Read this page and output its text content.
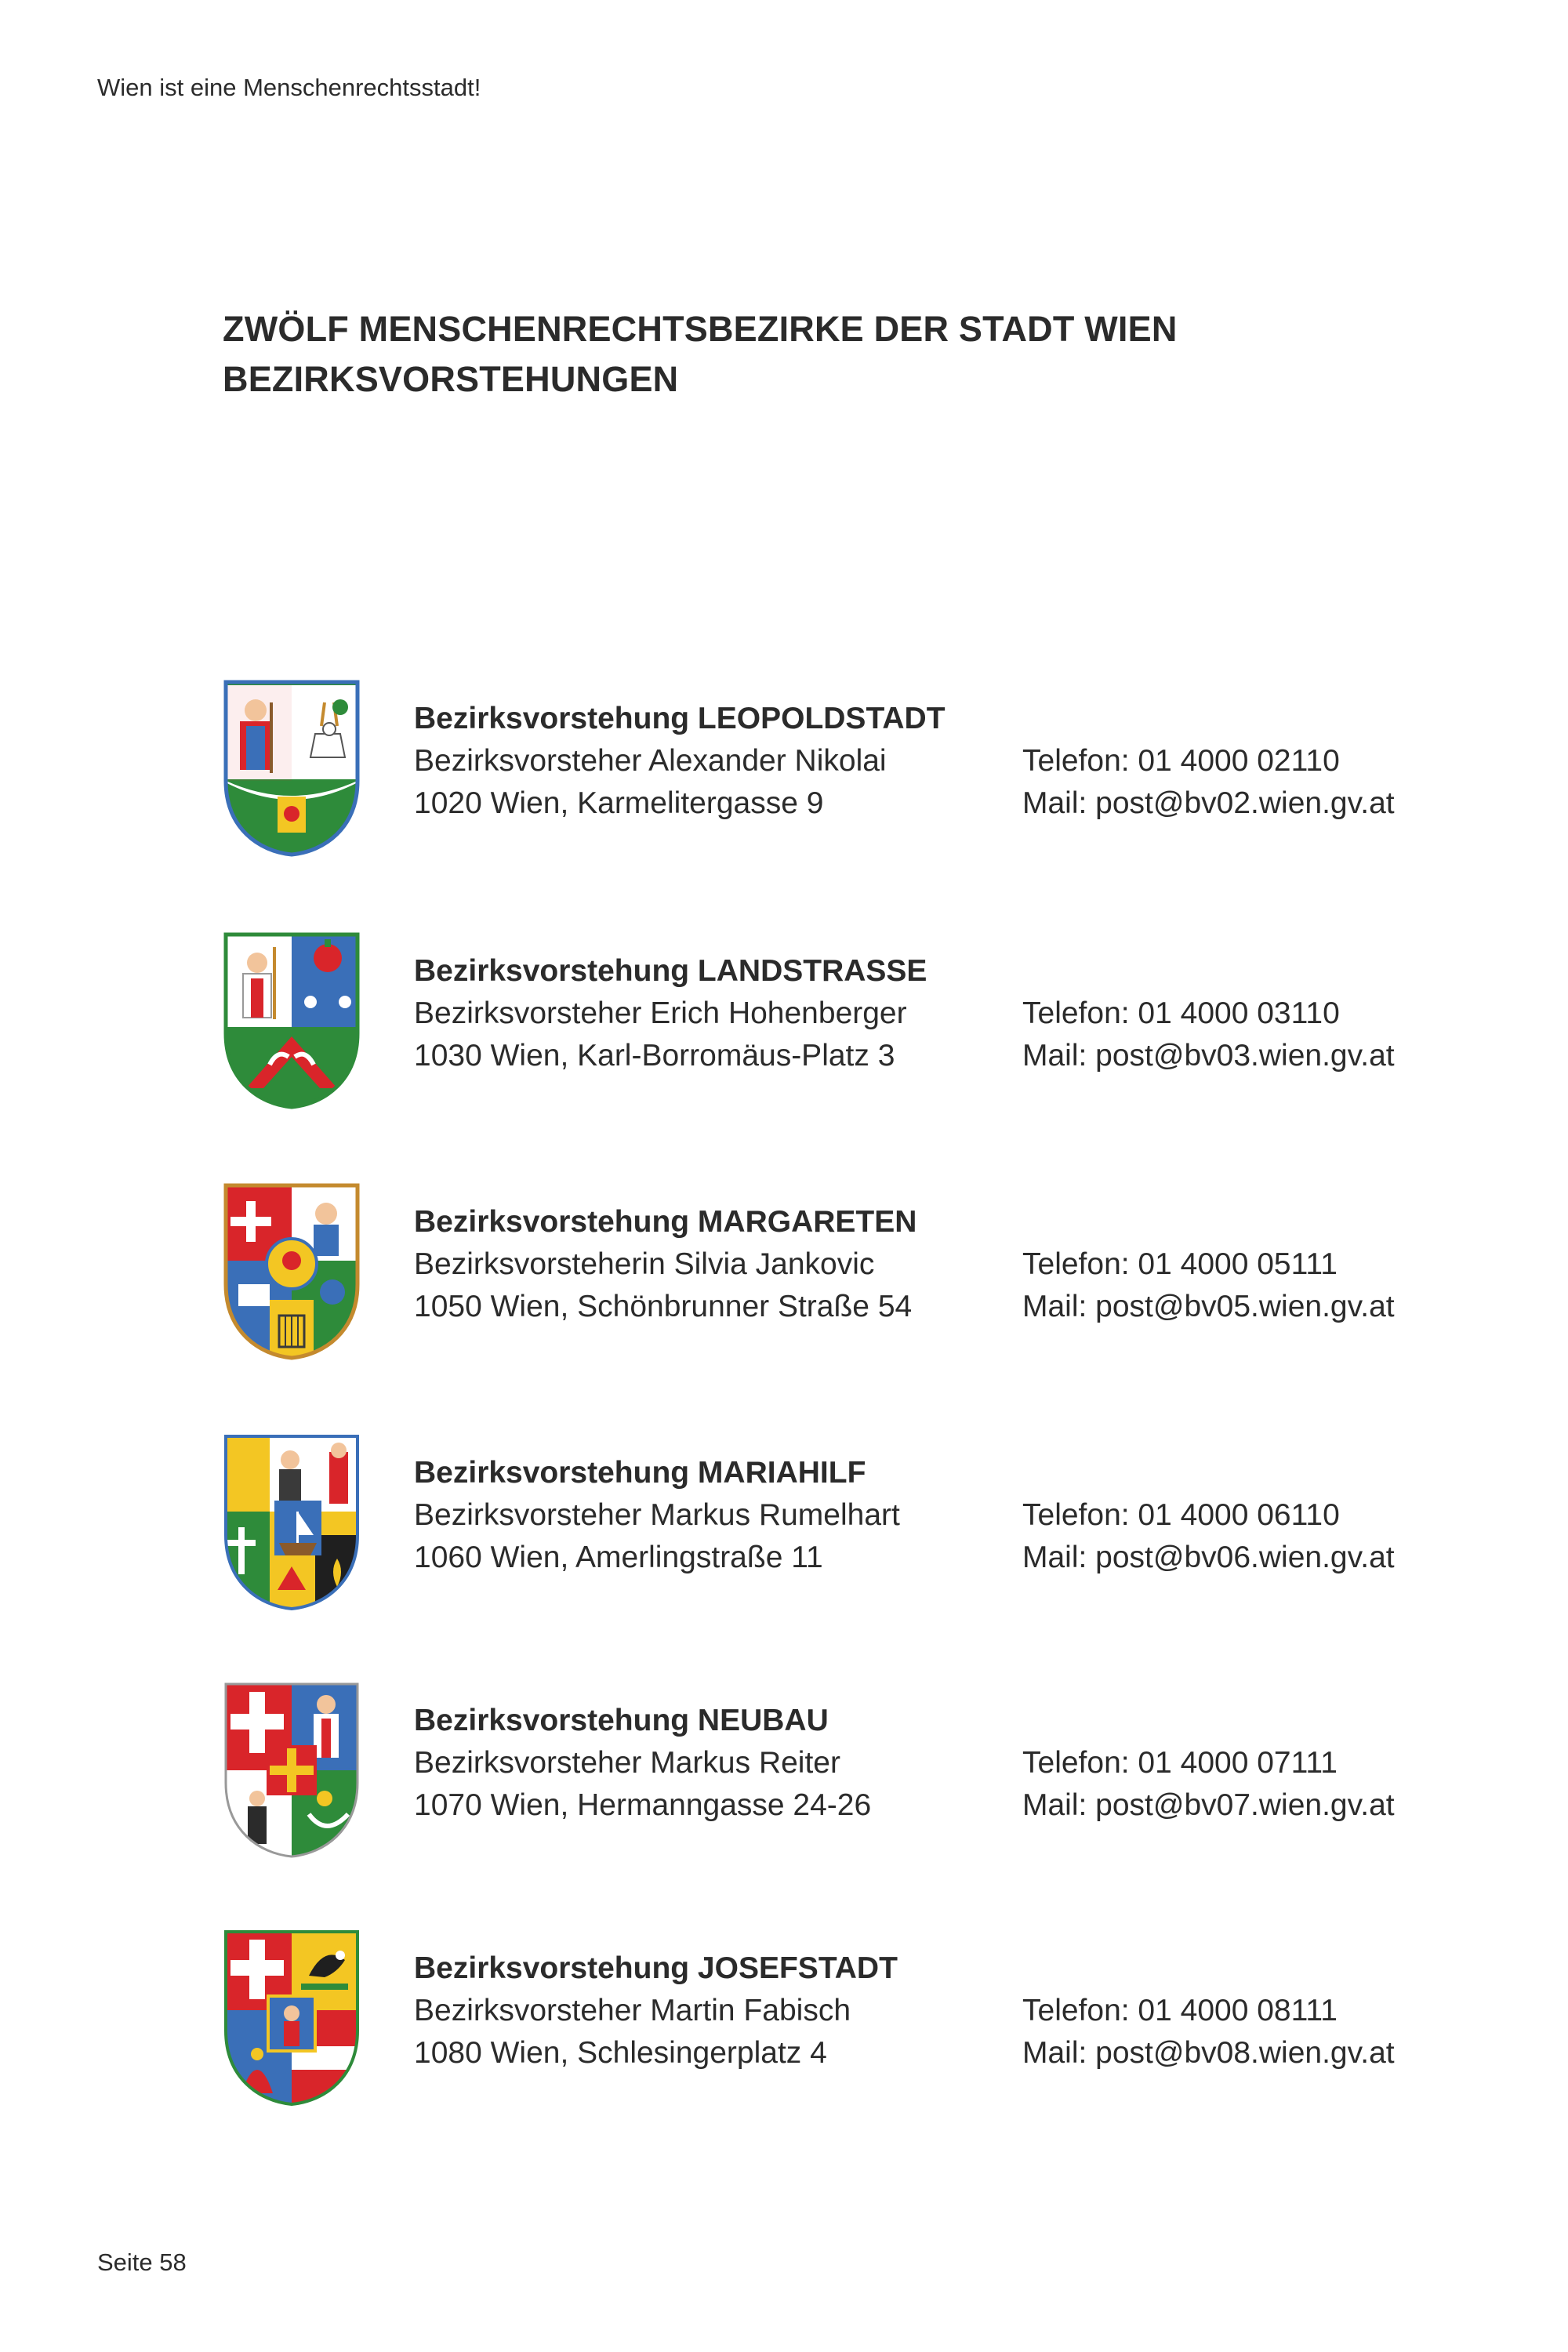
Wien ist eine Menschenrechtsstadt!
ZWÖLF MENSCHENRECHTSBEZIRKE DER STADT WIEN
BEZIRKSVORSTEHUNGEN
Bezirksvorstehung LEOPOLDSTADT
Bezirksvorsteher Alexander Nikolai
1020 Wien, Karmelitergasse 9
Telefon: 01 4000 02110
Mail: post@bv02.wien.gv.at
Bezirksvorstehung LANDSTRASSE
Bezirksvorsteher Erich Hohenberger
1030 Wien, Karl-Borromäus-Platz 3
Telefon: 01 4000 03110
Mail: post@bv03.wien.gv.at
Bezirksvorstehung MARGARETEN
Bezirksvorsteherin Silvia Jankovic
1050 Wien, Schönbrunner Straße 54
Telefon: 01 4000 05111
Mail: post@bv05.wien.gv.at
Bezirksvorstehung MARIAHILF
Bezirksvorsteher Markus Rumelhart
1060 Wien, Amerlingstraße 11
Telefon: 01 4000 06110
Mail: post@bv06.wien.gv.at
Bezirksvorstehung NEUBAU
Bezirksvorsteher Markus Reiter
1070 Wien, Hermanngasse 24-26
Telefon: 01 4000 07111
Mail: post@bv07.wien.gv.at
Bezirksvorstehung JOSEFSTADT
Bezirksvorsteher Martin Fabisch
1080 Wien, Schlesingerplatz 4
Telefon: 01 4000 08111
Mail: post@bv08.wien.gv.at
Seite 58
